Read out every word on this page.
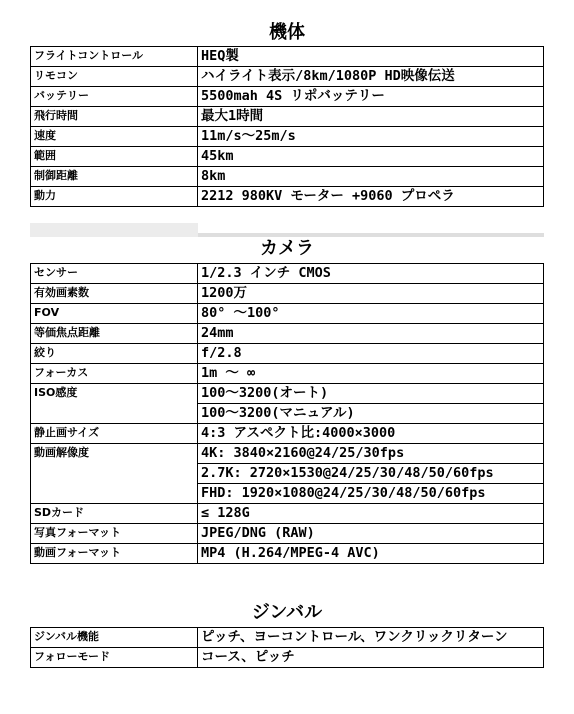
機体
フライトコントロール	HEQ製
リモコン	ハイライト表示/8km/1080P HD映像伝送
バッテリー	5500mah 4S リポバッテリー
飛行時間	最大1時間
速度	11m/s〜25m/s
範囲	45km
制御距離	8km
動力	2212 980KV モーター +9060 プロペラ
カメラ
センサー	1/2.3 インチ CMOS
有効画素数	1200万
FOV	80° ～100°
等価焦点距離	24mm
絞り	f/2.8
フォーカス	1m ～ ∞
ISO感度	100～3200(オート)
	100～3200(マニュアル)
静止画サイズ	4:3 アスペクト比:4000×3000
動画解像度	4K: 3840×2160@24/25/30fps
	2.7K: 2720×1530@24/25/30/48/50/60fps
	FHD: 1920×1080@24/25/30/48/50/60fps
SDカード	≤ 128G
写真フォーマット	JPEG/DNG (RAW)
動画フォーマット	MP4 (H.264/MPEG-4 AVC)
ジンバル
ジンバル機能	ピッチ、ヨーコントロール、ワンクリックリターン
フォローモード	コース、ピッチ
